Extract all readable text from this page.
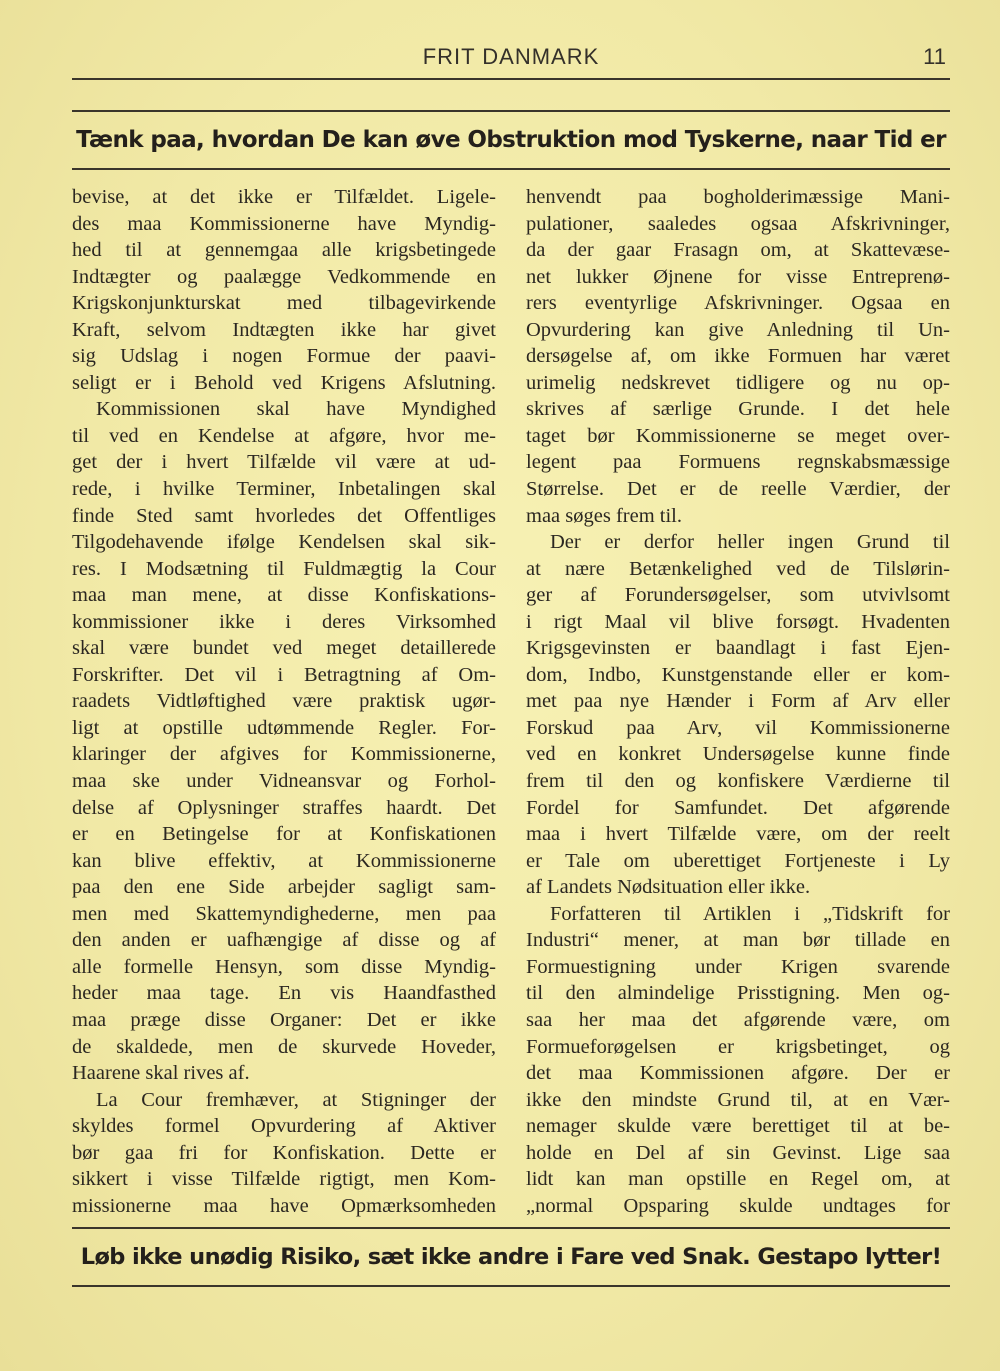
FRIT DANMARK	11
Tænk paa, hvordan De kan øve Obstruktion mod Tyskerne, naar Tid er
bevise, at det ikke er Tilfældet. Ligele-
des maa Kommissionerne have Myndig-
hed til at gennemgaa alle krigsbetingede
Indtægter og paalægge Vedkommende en
Krigskonjunkturskat med tilbagevirkende
Kraft, selvom Indtægten ikke har givet
sig Udslag i nogen Formue der paavi-
seligt er i Behold ved Krigens Afslutning.
Kommissionen skal have Myndighed
til ved en Kendelse at afgøre, hvor me-
get der i hvert Tilfælde vil være at ud-
rede, i hvilke Terminer, Inbetalingen skal
finde Sted samt hvorledes det Offentliges
Tilgodehavende ifølge Kendelsen skal sik-
res. I Modsætning til Fuldmægtig la Cour
maa man mene, at disse Konfiskations-
kommissioner ikke i deres Virksomhed
skal være bundet ved meget detaillerede
Forskrifter. Det vil i Betragtning af Om-
raadets Vidtløftighed være praktisk ugør-
ligt at opstille udtømmende Regler. For-
klaringer der afgives for Kommissionerne,
maa ske under Vidneansvar og Forhol-
delse af Oplysninger straffes haardt. Det
er en Betingelse for at Konfiskationen
kan blive effektiv, at Kommissionerne
paa den ene Side arbejder sagligt sam-
men med Skattemyndighederne, men paa
den anden er uafhængige af disse og af
alle formelle Hensyn, som disse Myndig-
heder maa tage. En vis Haandfasthed
maa præge disse Organer: Det er ikke
de skaldede, men de skurvede Hoveder,
Haarene skal rives af.
La Cour fremhæver, at Stigninger der
skyldes formel Opvurdering af Aktiver
bør gaa fri for Konfiskation. Dette er
sikkert i visse Tilfælde rigtigt, men Kom-
missionerne maa have Opmærksomheden
henvendt paa bogholderimæssige Mani-
pulationer, saaledes ogsaa Afskrivninger,
da der gaar Frasagn om, at Skattevæse-
net lukker Øjnene for visse Entreprenø-
rers eventyrlige Afskrivninger. Ogsaa en
Opvurdering kan give Anledning til Un-
dersøgelse af, om ikke Formuen har været
urimelig nedskrevet tidligere og nu op-
skrives af særlige Grunde. I det hele
taget bør Kommissionerne se meget over-
legent paa Formuens regnskabsmæssige
Størrelse. Det er de reelle Værdier, der
maa søges frem til.
Der er derfor heller ingen Grund til
at nære Betænkelighed ved de Tilslørin-
ger af Forundersøgelser, som utvivlsomt
i rigt Maal vil blive forsøgt. Hvadenten
Krigsgevinsten er baandlagt i fast Ejen-
dom, Indbo, Kunstgenstande eller er kom-
met paa nye Hænder i Form af Arv eller
Forskud paa Arv, vil Kommissionerne
ved en konkret Undersøgelse kunne finde
frem til den og konfiskere Værdierne til
Fordel for Samfundet. Det afgørende
maa i hvert Tilfælde være, om der reelt
er Tale om uberettiget Fortjeneste i Ly
af Landets Nødsituation eller ikke.
Forfatteren til Artiklen i „Tidskrift for
Industri“ mener, at man bør tillade en
Formuestigning under Krigen svarende
til den almindelige Prisstigning. Men og-
saa her maa det afgørende være, om
Formueforøgelsen er krigsbetinget, og
det maa Kommissionen afgøre. Der er
ikke den mindste Grund til, at en Vær-
nemager skulde være berettiget til at be-
holde en Del af sin Gevinst. Lige saa
lidt kan man opstille en Regel om, at
„normal Opsparing skulde undtages for
Løb ikke unødig Risiko, sæt ikke andre i Fare ved Snak. Gestapo lytter!
